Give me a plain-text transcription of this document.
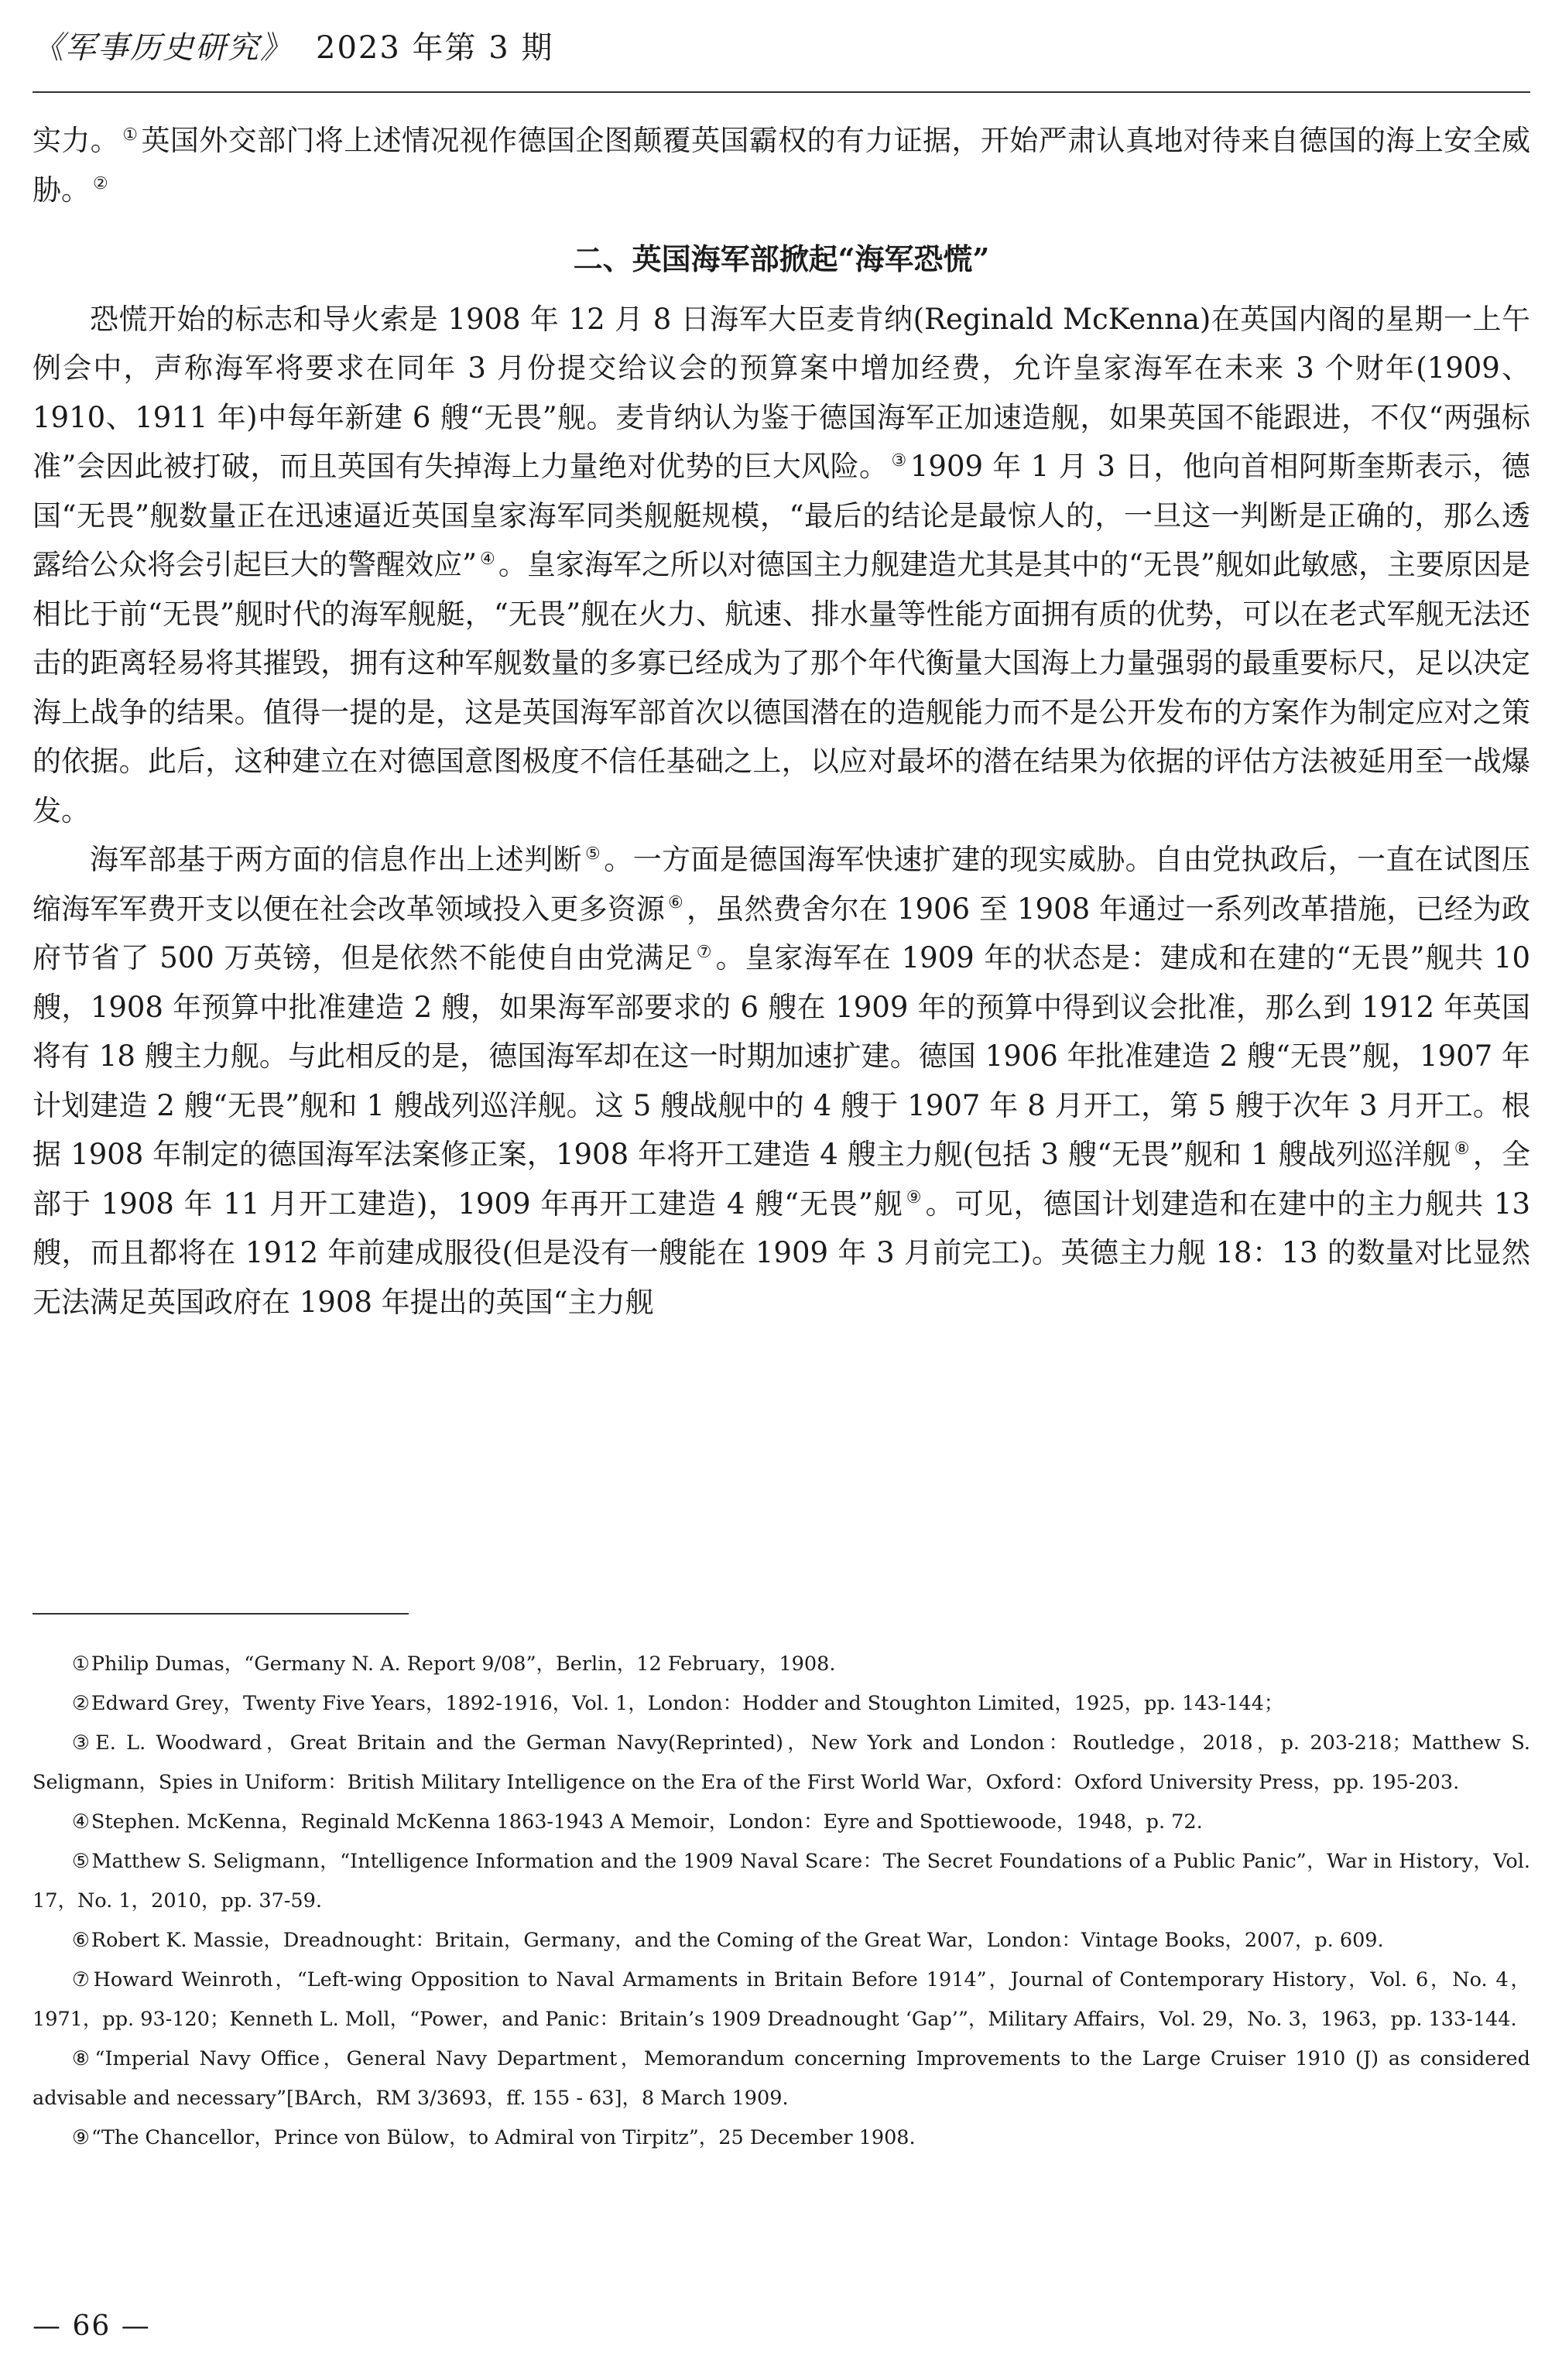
《军事历史研究》 2023 年第 3 期

实力。 ① 英国外交部门将上述情况视作德国企图颠覆英国霸权的有力证据，开始严肃认真地对待来自德国的海上安全威胁。 ②

二、英国海军部掀起“海军恐慌”

恐慌开始的标志和导火索是 1908 年 12 月 8 日海军大臣麦肯纳(Reginald McKenna)在英国内阁的星期一上午例会中，声称海军将要求在同年 3 月份提交给议会的预算案中增加经费，允许皇家海军在未来 3 个财年(1909、1910、1911 年)中每年新建 6 艘“无畏”舰。麦肯纳认为鉴于德国海军正加速造舰，如果英国不能跟进，不仅“两强标准”会因此被打破，而且英国有失掉海上力量绝对优势的巨大风险。 ③ 1909 年 1 月 3 日，他向首相阿斯奎斯表示，德国“无畏”舰数量正在迅速逼近英国皇家海军同类舰艇规模，“最后的结论是最惊人的，一旦这一判断是正确的，那么透露给公众将会引起巨大的警醒效应” ④ 。皇家海军之所以对德国主力舰建造尤其是其中的“无畏”舰如此敏感，主要原因是相比于前“无畏”舰时代的海军舰艇，“无畏”舰在火力、航速、排水量等性能方面拥有质的优势，可以在老式军舰无法还击的距离轻易将其摧毁，拥有这种军舰数量的多寡已经成为了那个年代衡量大国海上力量强弱的最重要标尺，足以决定海上战争的结果。值得一提的是，这是英国海军部首次以德国潜在的造舰能力而不是公开发布的方案作为制定应对之策的依据。此后，这种建立在对德国意图极度不信任基础之上，以应对最坏的潜在结果为依据的评估方法被延用至一战爆发。

海军部基于两方面的信息作出上述判断 ⑤ 。一方面是德国海军快速扩建的现实威胁。自由党执政后，一直在试图压缩海军军费开支以便在社会改革领域投入更多资源 ⑥ ，虽然费舍尔在 1906 至 1908 年通过一系列改革措施，已经为政府节省了 500 万英镑，但是依然不能使自由党满足 ⑦ 。皇家海军在 1909 年的状态是：建成和在建的“无畏”舰共 10 艘，1908 年预算中批准建造 2 艘，如果海军部要求的 6 艘在 1909 年的预算中得到议会批准，那么到 1912 年英国将有 18 艘主力舰。与此相反的是，德国海军却在这一时期加速扩建。德国 1906 年批准建造 2 艘“无畏”舰，1907 年计划建造 2 艘“无畏”舰和 1 艘战列巡洋舰。这 5 艘战舰中的 4 艘于 1907 年 8 月开工，第 5 艘于次年 3 月开工。根据 1908 年制定的德国海军法案修正案，1908 年将开工建造 4 艘主力舰(包括 3 艘“无畏”舰和 1 艘战列巡洋舰 ⑧ ，全部于 1908 年 11 月开工建造)，1909 年再开工建造 4 艘“无畏”舰 ⑨ 。可见，德国计划建造和在建中的主力舰共 13 艘，而且都将在 1912 年前建成服役(但是没有一艘能在 1909 年 3 月前完工)。英德主力舰 18：13 的数量对比显然无法满足英国政府在 1908 年提出的英国“主力舰

①Philip Dumas，“Germany N. A. Report 9/08”，Berlin，12 February，1908.

②Edward Grey，Twenty Five Years，1892-1916，Vol. 1，London：Hodder and Stoughton Limited，1925，pp. 143-144；

③E. L. Woodward，Great Britain and the German Navy(Reprinted)，New York and London：Routledge，2018，p. 203-218；Matthew S. Seligmann，Spies in Uniform：British Military Intelligence on the Era of the First World War，Oxford：Oxford University Press，pp. 195-203.

④Stephen. McKenna，Reginald McKenna 1863-1943 A Memoir，London：Eyre and Spottiewoode，1948，p. 72.

⑤Matthew S. Seligmann，“Intelligence Information and the 1909 Naval Scare：The Secret Foundations of a Public Panic”，War in History，Vol. 17，No. 1，2010，pp. 37-59.

⑥Robert K. Massie，Dreadnought：Britain，Germany，and the Coming of the Great War，London：Vintage Books，2007，p. 609.

⑦Howard Weinroth，“Left-wing Opposition to Naval Armaments in Britain Before 1914”，Journal of Contemporary History，Vol. 6，No. 4，1971，pp. 93-120；Kenneth L. Moll，“Power，and Panic：Britain’s 1909 Dreadnought ‘Gap’”，Military Affairs，Vol. 29，No. 3，1963，pp. 133-144.

⑧“Imperial Navy Office，General Navy Department，Memorandum concerning Improvements to the Large Cruiser 1910 (J) as considered advisable and necessary”[BArch，RM 3/3693，ff. 155 - 63]，8 March 1909.

⑨“The Chancellor，Prince von Bülow，to Admiral von Tirpitz”，25 December 1908.

— 66 —
